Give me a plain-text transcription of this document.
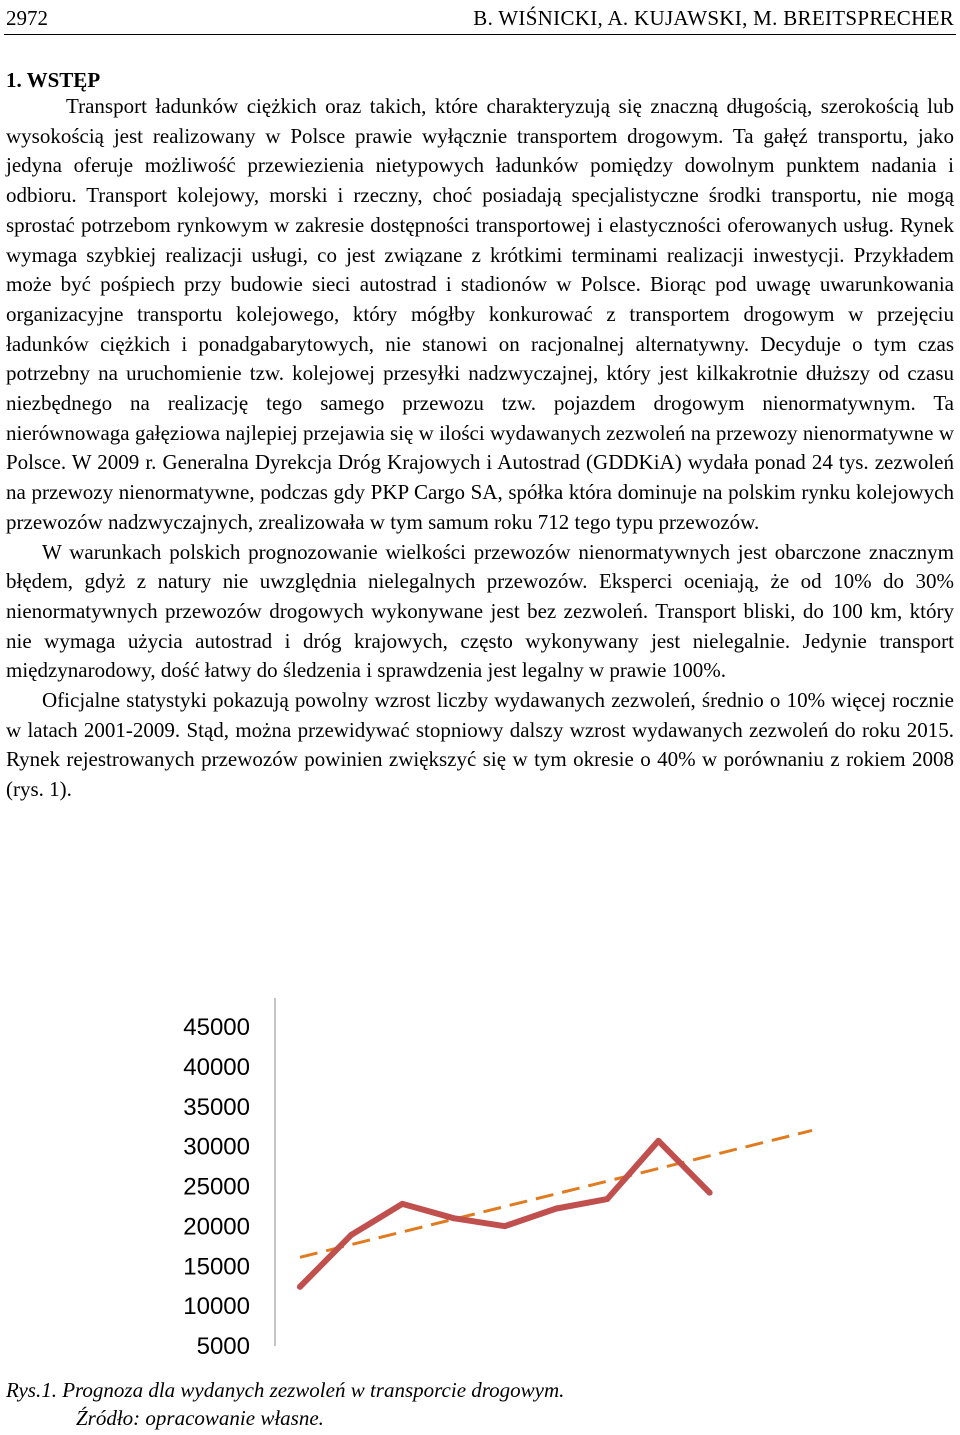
2972	B. WIŚNICKI, A. KUJAWSKI, M. BREITSPRECHER
1. WSTĘP

Transport ładunków ciężkich oraz takich, które charakteryzują się znaczną długością, szerokością lub wysokością jest realizowany w Polsce prawie wyłącznie transportem drogowym. Ta gałęź transportu, jako jedyna oferuje możliwość przewiezienia nietypowych ładunków pomiędzy dowolnym punktem nadania i odbioru. Transport kolejowy, morski i rzeczny, choć posiadają specjalistyczne środki transportu, nie mogą sprostać potrzebom rynkowym w zakresie dostępności transportowej i elastyczności oferowanych usług. Rynek wymaga szybkiej realizacji usługi, co jest związane z krótkimi terminami realizacji inwestycji. Przykładem może być pośpiech przy budowie sieci autostrad i stadionów w Polsce. Biorąc pod uwagę uwarunkowania organizacyjne transportu kolejowego, który mógłby konkurować z transportem drogowym w przejęciu ładunków ciężkich i ponadgabarytowych, nie stanowi on racjonalnej alternatywny. Decyduje o tym czas potrzebny na uruchomienie tzw. kolejowej przesyłki nadzwyczajnej, który jest kilkakrotnie dłuższy od czasu niezbędnego na realizację tego samego przewozu tzw. pojazdem drogowym nienormatywnym. Ta nierównowaga gałęziowa najlepiej przejawia się w ilości wydawanych zezwoleń na przewozy nienormatywne w Polsce. W 2009 r. Generalna Dyrekcja Dróg Krajowych i Autostrad (GDDKiA) wydała ponad 24 tys. zezwoleń na przewozy nienormatywne, podczas gdy PKP Cargo SA, spółka która dominuje na polskim rynku kolejowych przewozów nadzwyczajnych, zrealizowała w tym samum roku 712 tego typu przewozów.

W warunkach polskich prognozowanie wielkości przewozów nienormatywnych jest obarczone znacznym błędem, gdyż z natury nie uwzględnia nielegalnych przewozów. Eksperci oceniają, że od 10% do 30% nienormatywnych przewozów drogowych wykonywane jest bez zezwoleń. Transport bliski, do 100 km, który nie wymaga użycia autostrad i dróg krajowych, często wykonywany jest nielegalnie. Jedynie transport międzynarodowy, dość łatwy do śledzenia i sprawdzenia jest legalny w prawie 100%.

Oficjalne statystyki pokazują powolny wzrost liczby wydawanych zezwoleń, średnio o 10% więcej rocznie w latach 2001-2009. Stąd, można przewidywać stopniowy dalszy wzrost wydawanych zezwoleń do roku 2015. Rynek rejestrowanych przewozów powinien zwiększyć się w tym okresie o 40% w porównaniu z rokiem 2008 (rys. 1).

45000
40000
35000
30000
25000
20000
15000
10000
5000
Rys.1. Prognoza dla wydanych zezwoleń w transporcie drogowym.
Źródło: opracowanie własne.
